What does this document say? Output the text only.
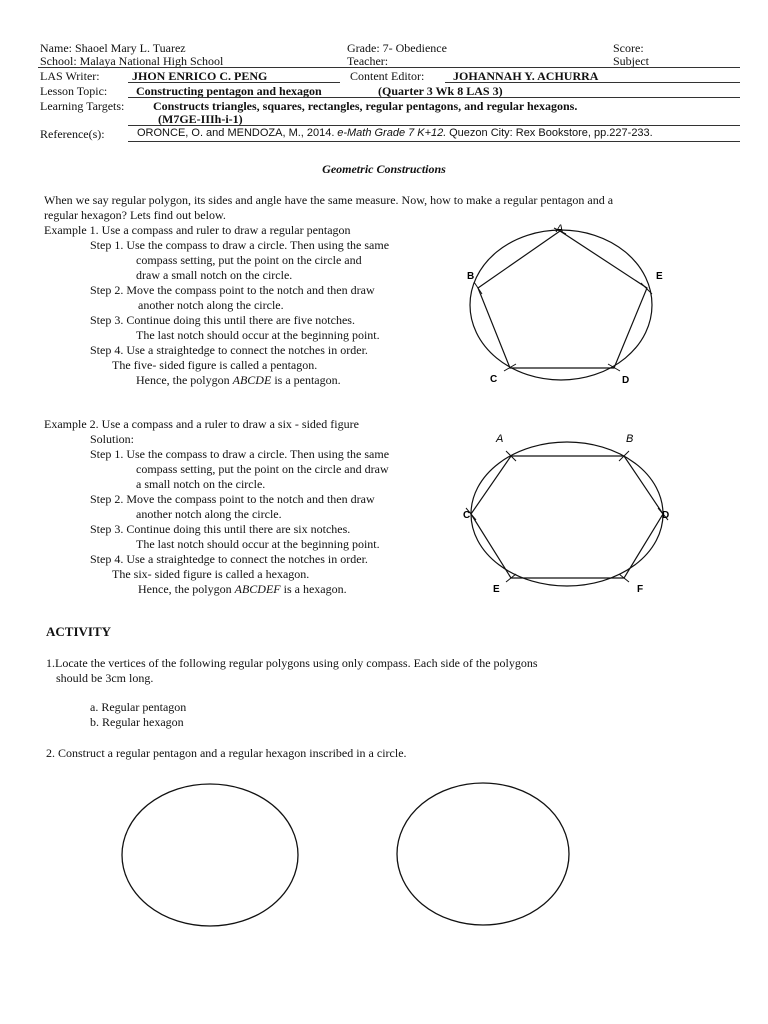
Name: Shaoel Mary L. Tuarez	Grade: 7- Obedience	Score:
School: Malaya National High School	Teacher:	Subject
LAS Writer:	JHON ENRICO C. PENG	Content Editor: JOHANNAH Y. ACHURRA
Lesson Topic: Constructing pentagon and hexagon	(Quarter 3 Wk 8 LAS 3)
Learning Targets: Constructs triangles, squares, rectangles, regular pentagons, and regular hexagons.
(M7GE-IIIh-i-1)
Reference(s):	ORONCE, O. and MENDOZA, M., 2014. e-Math Grade 7 K+12. Quezon City: Rex Bookstore, pp.227-233.
Geometric Constructions
When we say regular polygon, its sides and angle have the same measure. Now, how to make a regular pentagon and a
regular hexagon? Lets find out below.
Example 1. Use a compass and ruler to draw a regular pentagon
Step 1. Use the compass to draw a circle. Then using the same
compass setting, put the point on the circle and
draw a small notch on the circle.
Step 2. Move the compass point to the notch and then draw
another notch along the circle.
Step 3. Continue doing this until there are five notches.
The last notch should occur at the beginning point.
Step 4. Use a straightedge to connect the notches in order.
The five- sided figure is called a pentagon.
Hence, the polygon ABCDE is a pentagon.
A
B	E
C	D
Example 2. Use a compass and a ruler to draw a six - sided figure
Solution:
Step 1. Use the compass to draw a circle. Then using the same
compass setting, put the point on the circle and draw
a small notch on the circle.
Step 2. Move the compass point to the notch and then draw
another notch along the circle.
Step 3. Continue doing this until there are six notches.
The last notch should occur at the beginning point.
Step 4. Use a straightedge to connect the notches in order.
The six- sided figure is called a hexagon.
Hence, the polygon ABCDEF is a hexagon.
A	B
C	D
E	F
ACTIVITY
1.Locate the vertices of the following regular polygons using only compass. Each side of the polygons
should be 3cm long.
a. Regular pentagon
b. Regular hexagon
2. Construct a regular pentagon and a regular hexagon inscribed in a circle.
